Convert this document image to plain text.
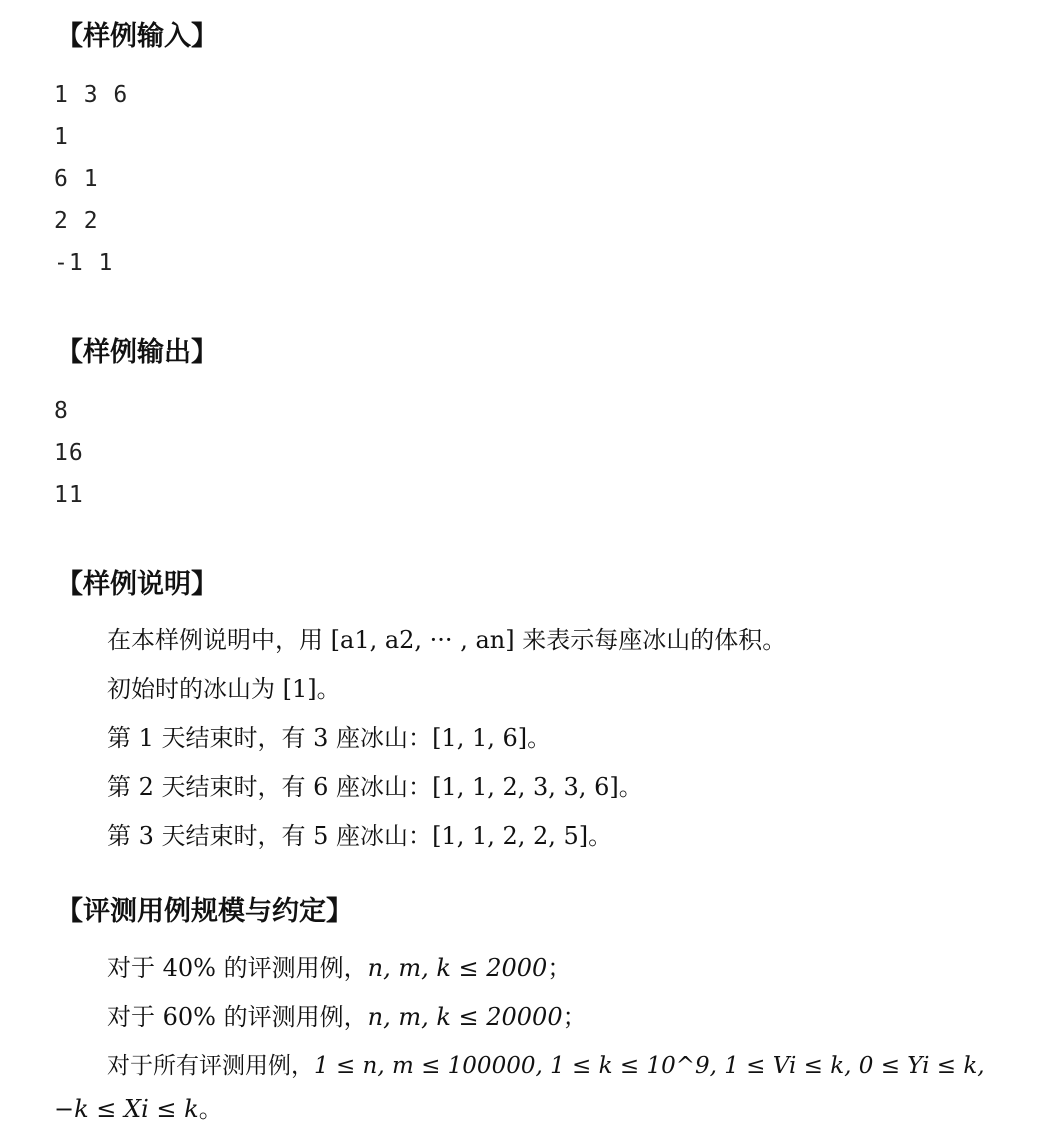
【样例输入】
1 3 6
1
6 1
2 2
-1 1
【样例输出】
8
16
11
【样例说明】
在本样例说明中，用 [a1, a2, ··· , an] 来表示每座冰山的体积。
初始时的冰山为 [1]。
第 1 天结束时，有 3 座冰山：[1, 1, 6]。
第 2 天结束时，有 6 座冰山：[1, 1, 2, 3, 3, 6]。
第 3 天结束时，有 5 座冰山：[1, 1, 2, 2, 5]。
【评测用例规模与约定】
对于 40% 的评测用例，n, m, k ≤ 2000；
对于 60% 的评测用例，n, m, k ≤ 20000；
对于所有评测用例，1 ≤ n, m ≤ 100000, 1 ≤ k ≤ 10^9, 1 ≤ Vi ≤ k, 0 ≤ Yi ≤ k,
−k ≤ Xi ≤ k。
